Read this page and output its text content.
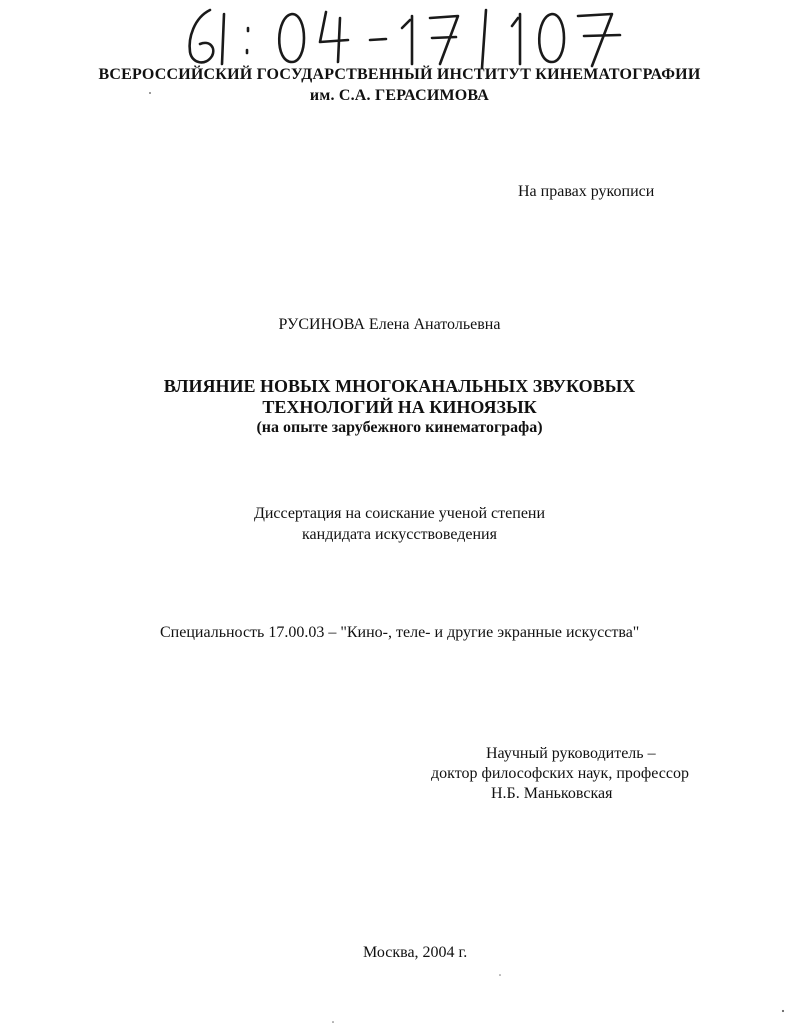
ВСЕРОССИЙСКИЙ ГОСУДАРСТВЕННЫЙ ИНСТИТУТ КИНЕМАТОГРАФИИ
им. С.А. ГЕРАСИМОВА
На правах рукописи
РУСИНОВА Елена Анатольевна
ВЛИЯНИЕ НОВЫХ МНОГОКАНАЛЬНЫХ ЗВУКОВЫХ
ТЕХНОЛОГИЙ НА КИНОЯЗЫК
(на опыте зарубежного кинематографа)
Диссертация на соискание ученой степени
кандидата искусствоведения
Специальность 17.00.03 – "Кино-, теле- и другие экранные искусства"
Научный руководитель –
доктор философских наук, профессор
Н.Б. Маньковская
Москва, 2004 г.
